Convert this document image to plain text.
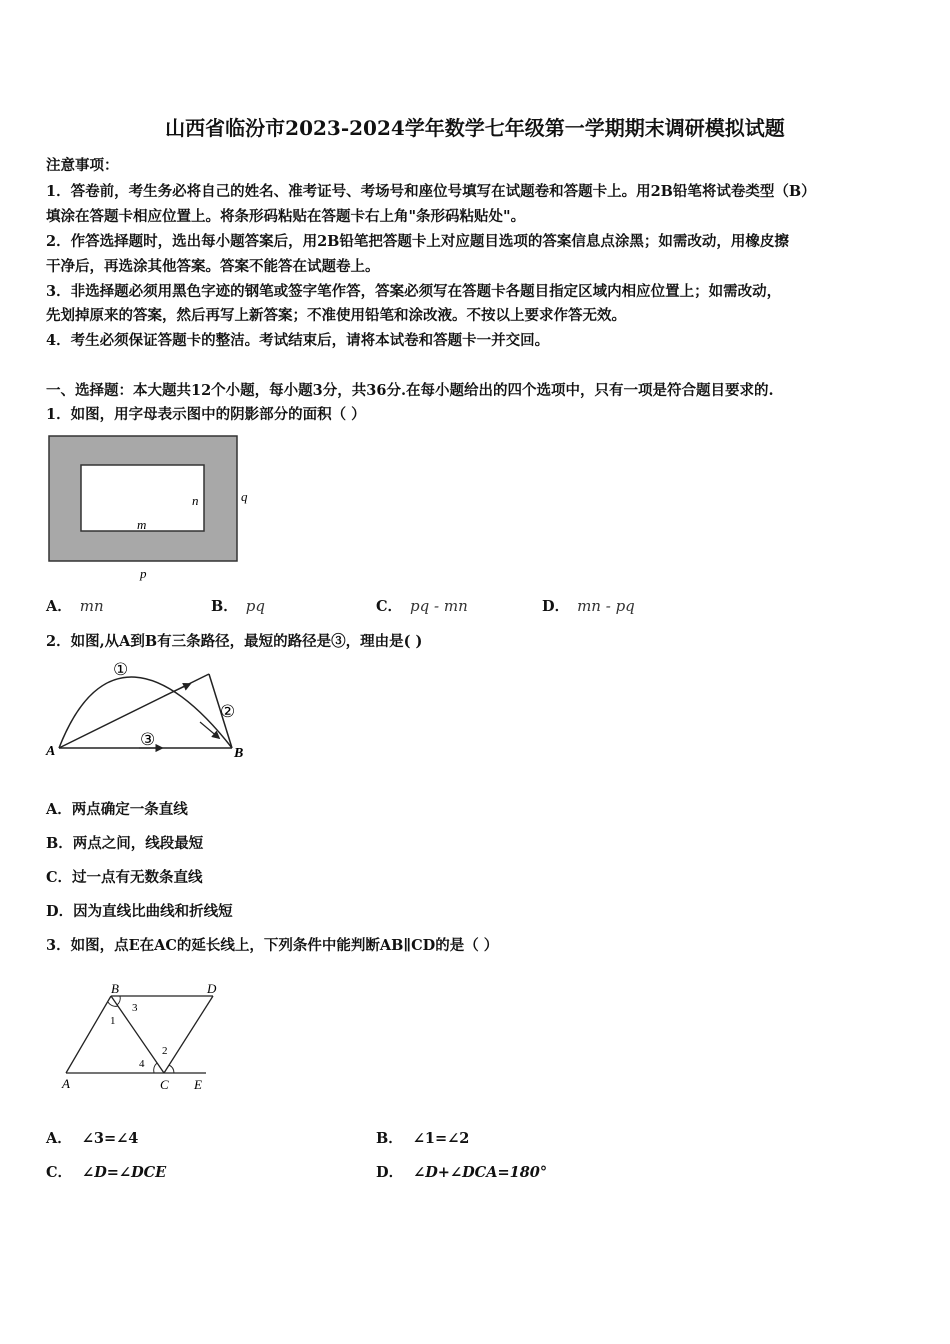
山西省临汾市2023-2024学年数学七年级第一学期期末调研模拟试题
注意事项：
1．答卷前，考生务必将自己的姓名、准考证号、考场号和座位号填写在试题卷和答题卡上。用2B铅笔将试卷类型（B）
填涂在答题卡相应位置上。将条形码粘贴在答题卡右上角"条形码粘贴处"。
2．作答选择题时，选出每小题答案后，用2B铅笔把答题卡上对应题目选项的答案信息点涂黑；如需改动，用橡皮擦
干净后，再选涂其他答案。答案不能答在试题卷上。
3．非选择题必须用黑色字迹的钢笔或签字笔作答，答案必须写在答题卡各题目指定区域内相应位置上；如需改动，
先划掉原来的答案，然后再写上新答案；不准使用铅笔和涂改液。不按以上要求作答无效。
4．考生必须保证答题卡的整洁。考试结束后，请将本试卷和答题卡一并交回。
一、选择题：本大题共12个小题，每小题3分，共36分.在每小题给出的四个选项中，只有一项是符合题目要求的.
1．如图，用字母表示图中的阴影部分的面积（ ）
n
m
q
p
A． mn	B． pq	C． pq - mn	D． mn - pq
2．如图,从A到B有三条路径，最短的路径是③，理由是( )
A	B
①
②
③
A．两点确定一条直线
B．两点之间，线段最短
C．过一点有无数条直线
D．因为直线比曲线和折线短
3．如图，点E在AC的延长线上，下列条件中能判断AB∥CD的是（ ）
B	D
A	C E
1
2
3
4
A． ∠3=∠4	B． ∠1=∠2
C． ∠D=∠DCE	D． ∠D+∠DCA=180°
